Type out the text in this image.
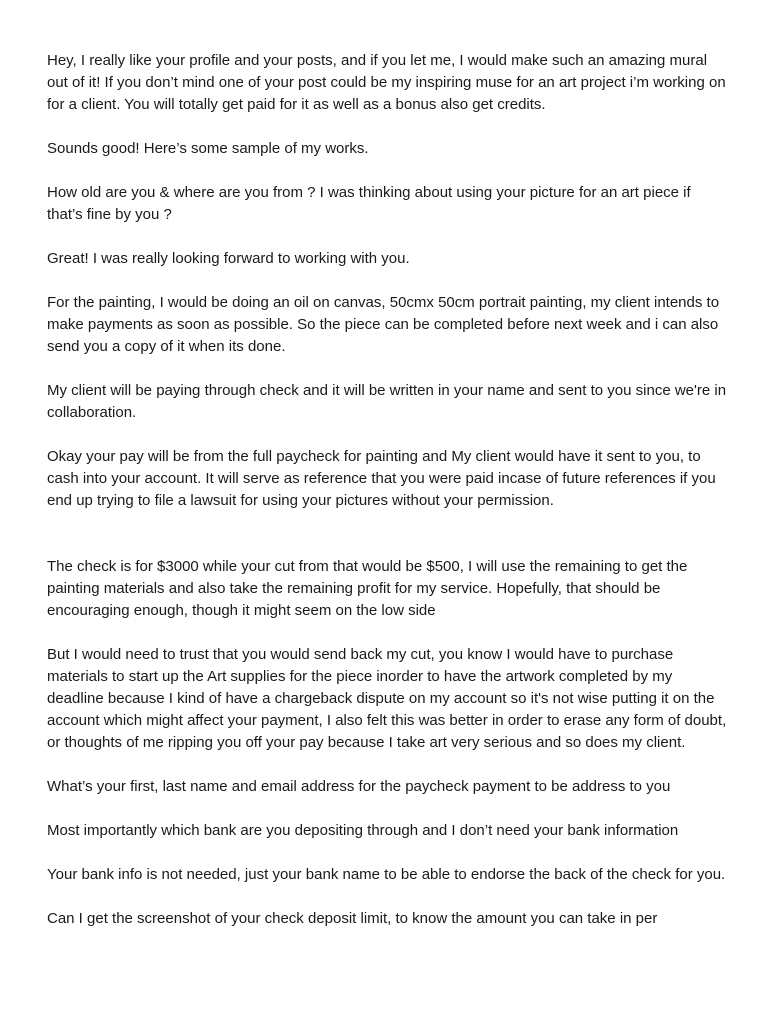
Hey, I really like your profile and your posts, and if you let me, I would make such an amazing mural out of it! If you don’t mind one of your post could be my inspiring muse for an art project i’m working on for a client. You will totally get paid for it as well as a bonus also get credits.

Sounds good! Here’s some sample of my works.

How old are you & where are you from ? I was thinking about using your picture for an art piece if that’s fine by you ?

Great! I was really looking forward to working with you.

For the painting, I would be doing an oil on canvas, 50cmx 50cm portrait painting, my client intends to make payments as soon as possible. So the piece can be completed before next week and i can also send you a copy of it when its done.

My client will be paying through check and it will be written in your name and sent to you since we're in collaboration.

Okay your pay will be from the full paycheck for painting and My client would have it sent to you, to cash into your account. It will serve as reference that you were paid incase of future references if you end up trying to file a lawsuit for using your pictures without your permission.

The check is for $3000 while your cut from that would be $500, I will use the remaining to get the painting materials and also take the remaining profit for my service. Hopefully, that should be encouraging enough, though it might seem on the low side

But I would need to trust that you would send back my cut, you know I would have to purchase materials to start up the Art supplies for the piece inorder to have the artwork completed by my deadline because I kind of have a chargeback dispute on my account so it's not wise putting it on the account which might affect your payment, I also felt this was better in order to erase any form of doubt, or thoughts of me ripping you off your pay because I take art very serious and so does my client.

What’s your first, last name and email address for the paycheck payment to be address to you

Most importantly which bank are you depositing through and I don’t need your bank information

Your bank info is not needed, just your bank name to be able to endorse the back of the check for you.

Can I get the screenshot of your check deposit limit, to know the amount you can take in per
